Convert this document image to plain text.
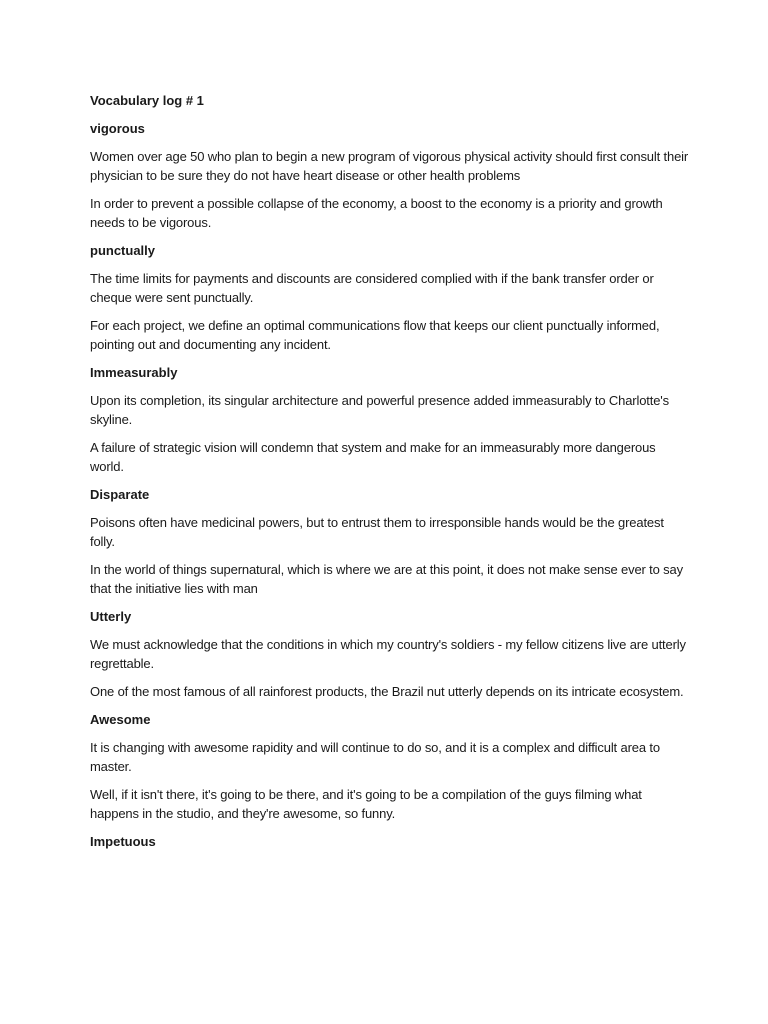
Vocabulary log # 1
vigorous

Women over age 50 who plan to begin a new program of vigorous physical activity should first consult their physician to be sure they do not have heart disease or other health problems

In order to prevent a possible collapse of the economy, a boost to the economy is a priority and growth needs to be vigorous.

punctually

The time limits for payments and discounts are considered complied with if the bank transfer order or cheque were sent punctually.

For each project, we define an optimal communications flow that keeps our client punctually informed, pointing out and documenting any incident.

Immeasurably

Upon its completion, its singular architecture and powerful presence added immeasurably to Charlotte's skyline.

A failure of strategic vision will condemn that system and make for an immeasurably more dangerous world.

Disparate

Poisons often have medicinal powers, but to entrust them to irresponsible hands would be the greatest folly.

In the world of things supernatural, which is where we are at this point, it does not make sense ever to say that the initiative lies with man

Utterly

We must acknowledge that the conditions in which my country's soldiers - my fellow citizens live are utterly regrettable.

One of the most famous of all rainforest products, the Brazil nut utterly depends on its intricate ecosystem.

Awesome

It is changing with awesome rapidity and will continue to do so, and it is a complex and difficult area to master.

Well, if it isn't there, it's going to be there, and it's going to be a compilation of the guys filming what happens in the studio, and they're awesome, so funny.

Impetuous
